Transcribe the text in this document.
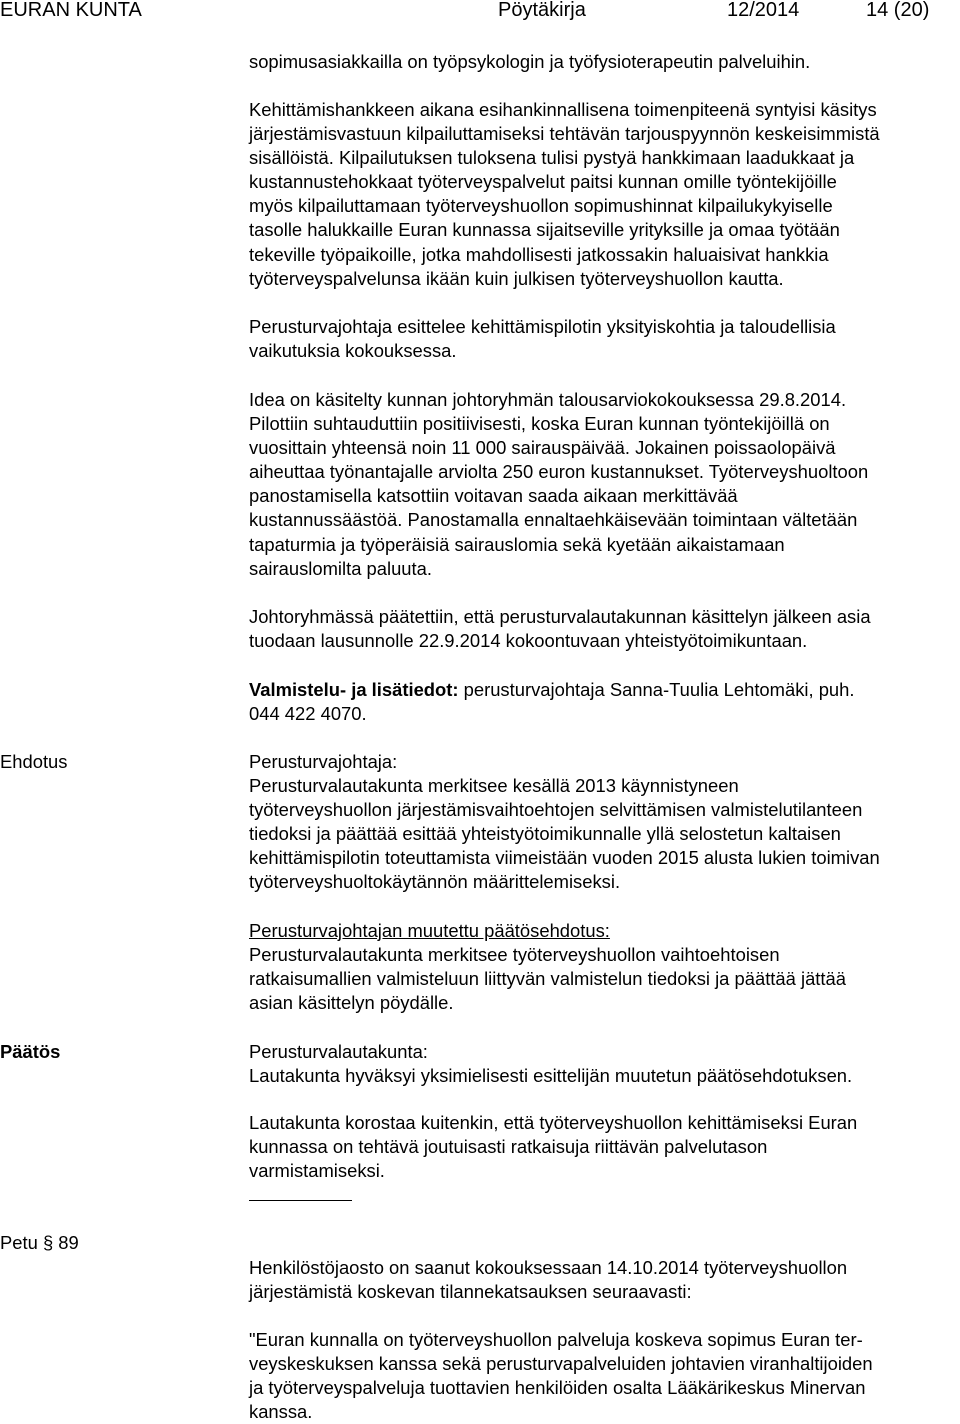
EURAN KUNTA	Pöytäkirja	12/2014	14 (20)

sopimusasiakkailla on työpsykologin ja työfysioterapeutin palveluihin.

Kehittämishankkeen aikana esihankinnallisena toimenpiteenä syntyisi käsitys
järjestämisvastuun kilpailuttamiseksi tehtävän tarjouspyynnön keskeisimmistä
sisällöistä. Kilpailutuksen tuloksena tulisi pystyä hankkimaan laadukkaat ja
kustannustehokkaat työterveyspalvelut paitsi kunnan omille työntekijöille
myös kilpailuttamaan työterveyshuollon sopimushinnat kilpailukykyiselle
tasolle halukkaille Euran kunnassa sijaitseville yrityksille ja omaa työtään
tekeville työpaikoille, jotka mahdollisesti jatkossakin haluaisivat hankkia
työterveyspalvelunsa ikään kuin julkisen työterveyshuollon kautta.

Perusturvajohtaja esittelee kehittämispilotin yksityiskohtia ja taloudellisia
vaikutuksia kokouksessa.

Idea on käsitelty kunnan johtoryhmän talousarviokokouksessa 29.8.2014.
Pilottiin suhtauduttiin positiivisesti, koska Euran kunnan työntekijöillä on
vuosittain yhteensä noin 11 000 sairauspäivää. Jokainen poissaolopäivä
aiheuttaa työnantajalle arviolta 250 euron kustannukset. Työterveyshuoltoon
panostamisella katsottiin voitavan saada aikaan merkittävää
kustannussäästöä. Panostamalla ennaltaehkäisevään toimintaan vältetään
tapaturmia ja työperäisiä sairauslomia sekä kyetään aikaistamaan
sairauslomilta paluuta.

Johtoryhmässä päätettiin, että perusturvalautakunnan käsittelyn jälkeen asia
tuodaan lausunnolle 22.9.2014 kokoontuvaan yhteistyötoimikuntaan.

Valmistelu- ja lisätiedot: perusturvajohtaja Sanna-Tuulia Lehtomäki, puh.
044 422 4070.

Ehdotus	Perusturvajohtaja:
Perusturvalautakunta merkitsee kesällä 2013 käynnistyneen
työterveyshuollon järjestämisvaihtoehtojen selvittämisen valmistelutilanteen
tiedoksi ja päättää esittää yhteistyötoimikunnalle yllä selostetun kaltaisen
kehittämispilotin toteuttamista viimeistään vuoden 2015 alusta lukien toimivan
työterveyshuoltokäytännön määrittelemiseksi.

Perusturvajohtajan muutettu päätösehdotus:
Perusturvalautakunta merkitsee työterveyshuollon vaihtoehtoisen
ratkaisumallien valmisteluun liittyvän valmistelun tiedoksi ja päättää jättää
asian käsittelyn pöydälle.

Päätös	Perusturvalautakunta:
Lautakunta hyväksyi yksimielisesti esittelijän muutetun päätösehdotuksen.

Lautakunta korostaa kuitenkin, että työterveyshuollon kehittämiseksi Euran
kunnassa on tehtävä joutuisasti ratkaisuja riittävän palvelutason
varmistamiseksi.

Petu § 89

Henkilöstöjaosto on saanut kokouksessaan 14.10.2014 työterveyshuollon
järjestämistä koskevan tilannekatsauksen seuraavasti:

"Euran kunnalla on työterveyshuollon palveluja koskeva sopimus Euran ter-
veyskeskuksen kanssa sekä perusturvapalveluiden johtavien viranhaltijoiden
ja työterveyspalveluja tuottavien henkilöiden osalta Lääkärikeskus Minervan
kanssa.
